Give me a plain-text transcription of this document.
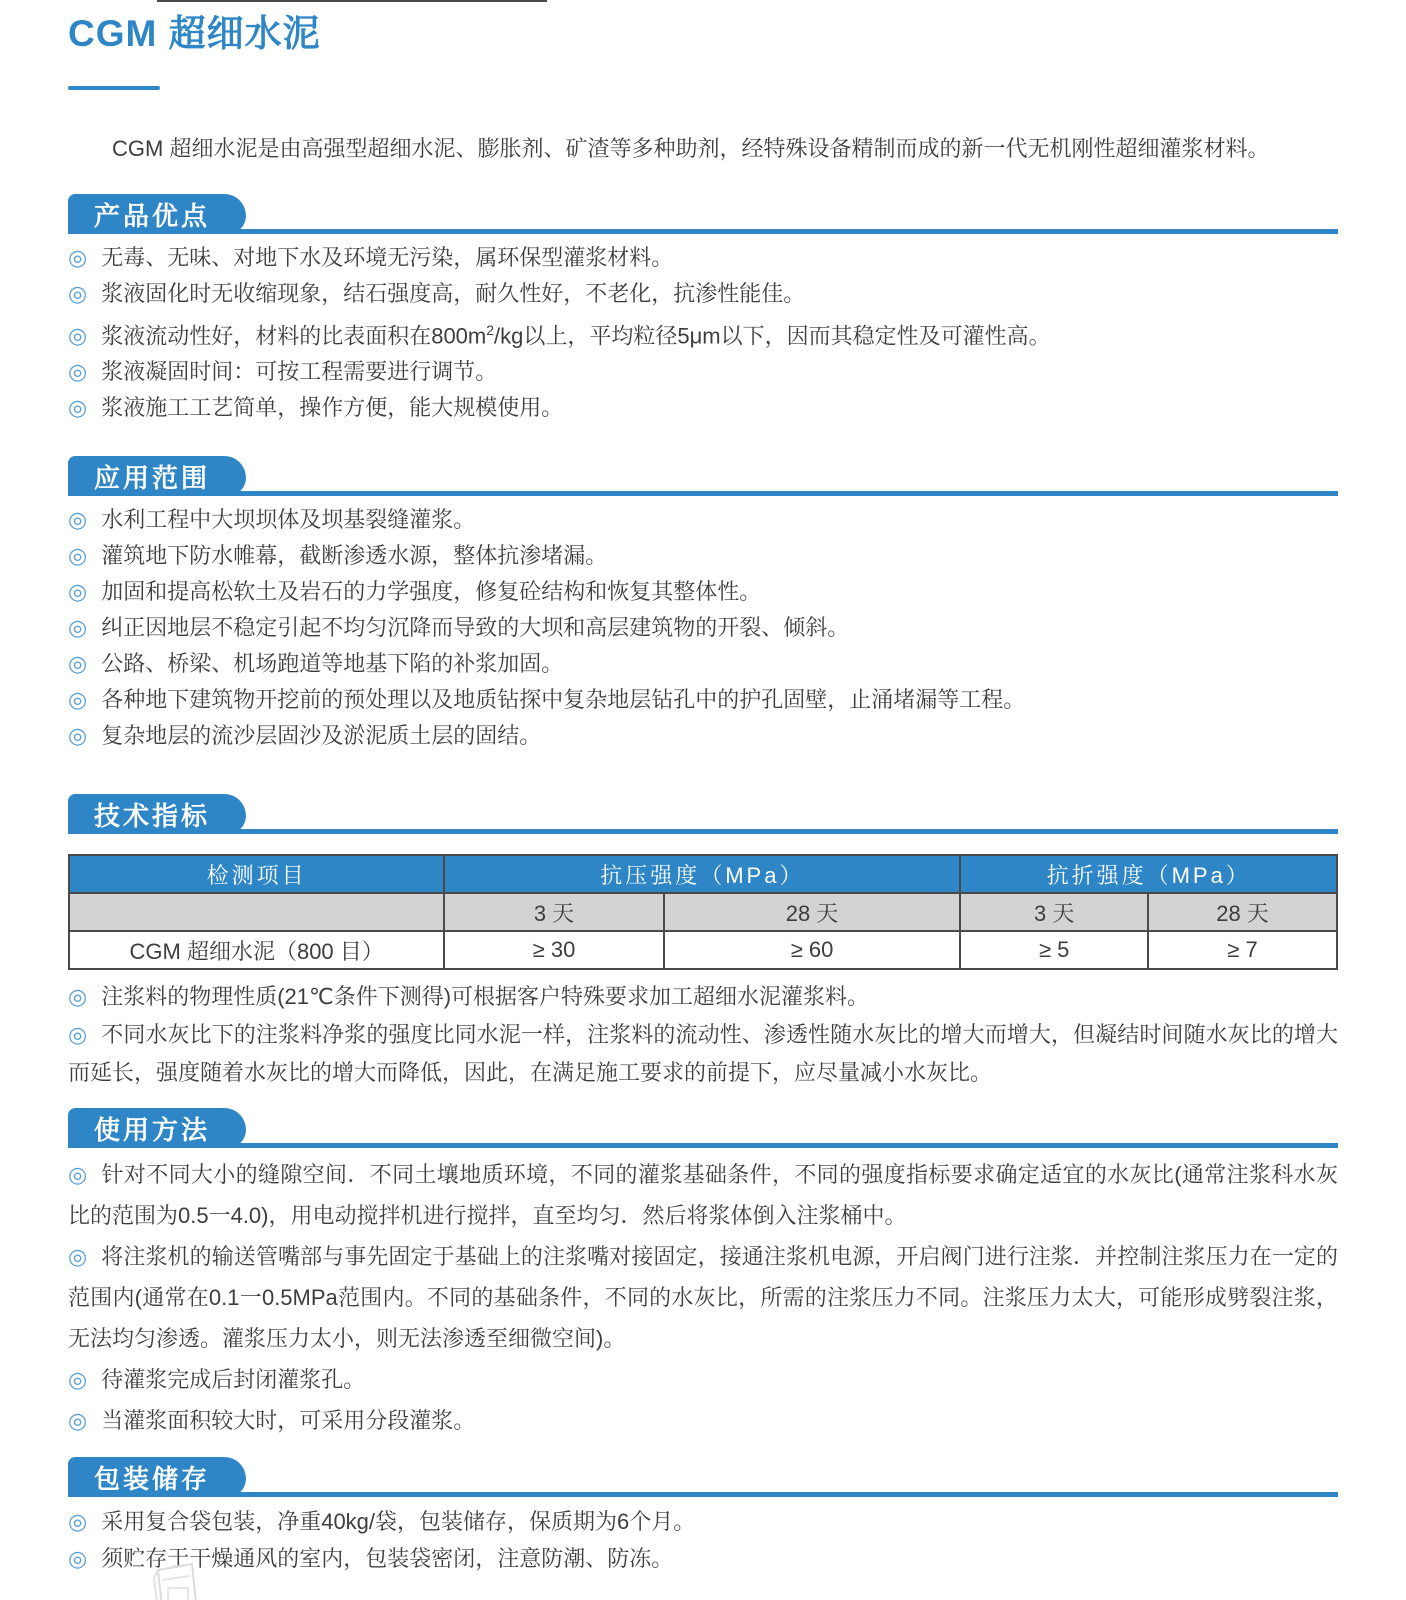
CGM 超细水泥

CGM 超细水泥是由高强型超细水泥、膨胀剂、矿渣等多种助剂，经特殊设备精制而成的新一代无机刚性超细灌浆材料。

产品优点

◎ 无毒、无味、对地下水及环境无污染，属环保型灌浆材料。

◎ 浆液固化时无收缩现象，结石强度高，耐久性好，不老化，抗渗性能佳。

◎ 浆液流动性好，材料的比表面积在$800m^2/kg$以上，平均粒径5μm以下，因而其稳定性及可灌性高。

◎ 浆液凝固时间：可按工程需要进行调节。

◎ 浆液施工工艺简单，操作方便，能大规模使用。

应用范围

◎ 水利工程中大坝坝体及坝基裂缝灌浆。

◎ 灌筑地下防水帷幕，截断渗透水源，整体抗渗堵漏。

◎ 加固和提高松软土及岩石的力学强度，修复砼结构和恢复其整体性。

◎ 纠正因地层不稳定引起不均匀沉降而导致的大坝和高层建筑物的开裂、倾斜。

◎ 公路、桥梁、机场跑道等地基下陷的补浆加固。

◎ 各种地下建筑物开挖前的预处理以及地质钻探中复杂地层钻孔中的护孔固壁，止涌堵漏等工程。

◎ 复杂地层的流沙层固沙及淤泥质土层的固结。

技术指标
检测项目	抗压强度（MPa）		抗折强度（MPa）	
	3 天	28 天	3 天	28 天
CGM 超细水泥（800 目）	≥ 30	≥ 60	≥ 5	≥ 7

◎ 注浆料的物理性质(21℃条件下测得)可根据客户特殊要求加工超细水泥灌浆料。

◎ 不同水灰比下的注浆料净浆的强度比同水泥一样，注浆料的流动性、渗透性随水灰比的增大而增大，但凝结时间随水灰比的增大而延长，强度随着水灰比的增大而降低，因此，在满足施工要求的前提下，应尽量减小水灰比。

使用方法

◎ 针对不同大小的缝隙空间．不同土壤地质环境，不同的灌浆基础条件，不同的强度指标要求确定适宜的水灰比(通常注浆科水灰比的范围为0.5一4.0)，用电动搅拌机进行搅拌，直至均匀．然后将浆体倒入注浆桶中。

◎ 将注浆机的输送管嘴部与事先固定于基础上的注浆嘴对接固定，接通注浆机电源，开启阀门进行注浆．并控制注浆压力在一定的范围内(通常在0.1一0.5MPa范围内。不同的基础条件，不同的水灰比，所需的注浆压力不同。注浆压力太大，可能形成劈裂注浆，无法均匀渗透。灌浆压力太小，则无法渗透至细微空间)。

◎ 待灌浆完成后封闭灌浆孔。

◎ 当灌浆面积较大时，可采用分段灌浆。

包装储存

◎ 采用复合袋包装，净重40kg/袋，包装储存，保质期为6个月。

◎ 须贮存于干燥通风的室内，包装袋密闭，注意防潮、防冻。
